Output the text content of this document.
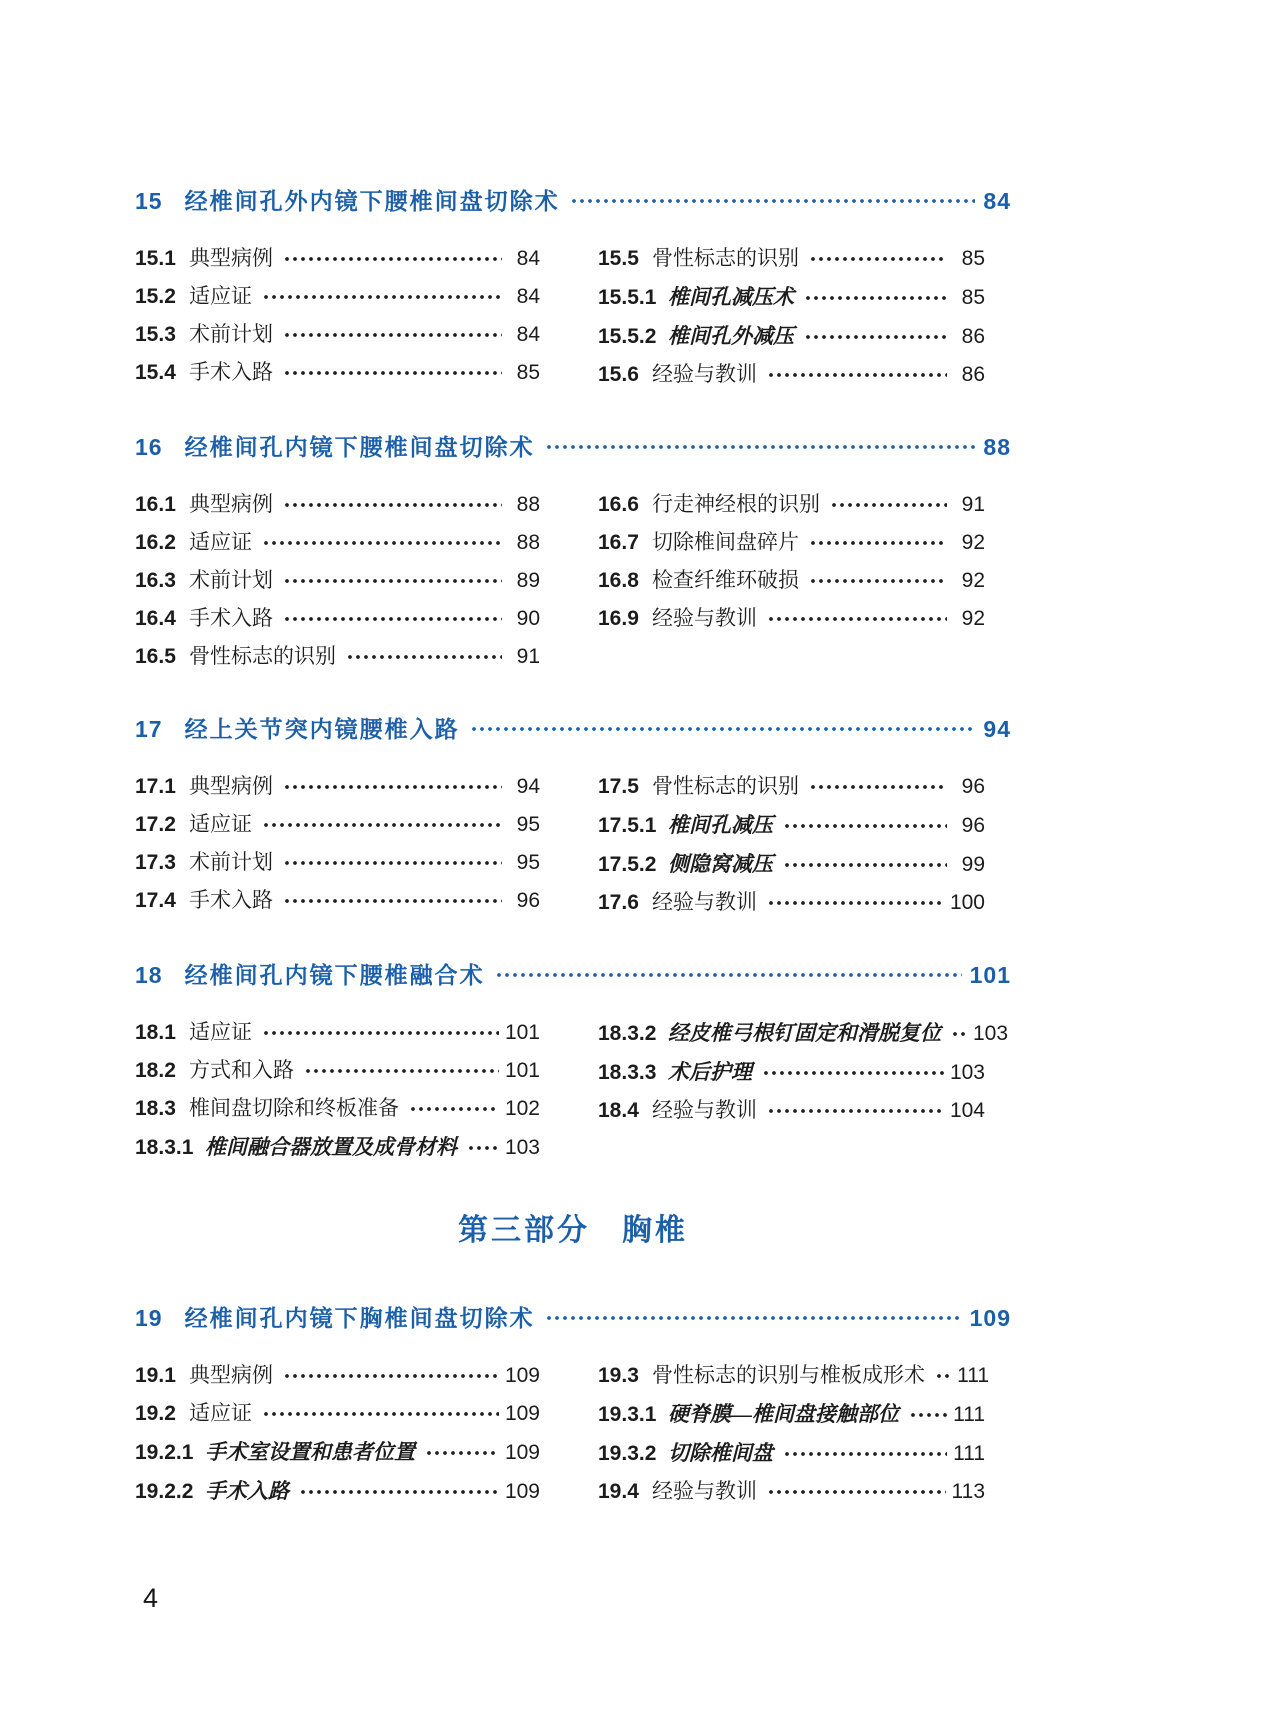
15 经椎间孔外内镜下腰椎间盘切除术	84
15.1 典型病例	84
15.2 适应证	84
15.3 术前计划	84
15.4 手术入路	85
15.5 骨性标志的识别	85
15.5.1 椎间孔减压术	85
15.5.2 椎间孔外减压	86
15.6 经验与教训	86
16 经椎间孔内镜下腰椎间盘切除术	88
16.1 典型病例	88
16.2 适应证	88
16.3 术前计划	89
16.4 手术入路	90
16.5 骨性标志的识别	91
16.6 行走神经根的识别	91
16.7 切除椎间盘碎片	92
16.8 检查纤维环破损	92
16.9 经验与教训	92
17 经上关节突内镜腰椎入路	94
17.1 典型病例	94
17.2 适应证	95
17.3 术前计划	95
17.4 手术入路	96
17.5 骨性标志的识别	96
17.5.1 椎间孔减压	96
17.5.2 侧隐窝减压	99
17.6 经验与教训	100
18 经椎间孔内镜下腰椎融合术	101
18.1 适应证	101
18.2 方式和入路	101
18.3 椎间盘切除和终板准备	102
18.3.1 椎间融合器放置及成骨材料 103
18.3.2 经皮椎弓根钉固定和滑脱复位 103
18.3.3 术后护理	103
18.4 经验与教训	104
第三部分 胸椎
19 经椎间孔内镜下胸椎间盘切除术	109
19.1 典型病例	109
19.2 适应证	109
19.2.1 手术室设置和患者位置	109
19.2.2 手术入路	109
19.3 骨性标志的识别与椎板成形术 111
19.3.1 硬脊膜—椎间盘接触部位	111
19.3.2 切除椎间盘	111
19.4 经验与教训	113
4
